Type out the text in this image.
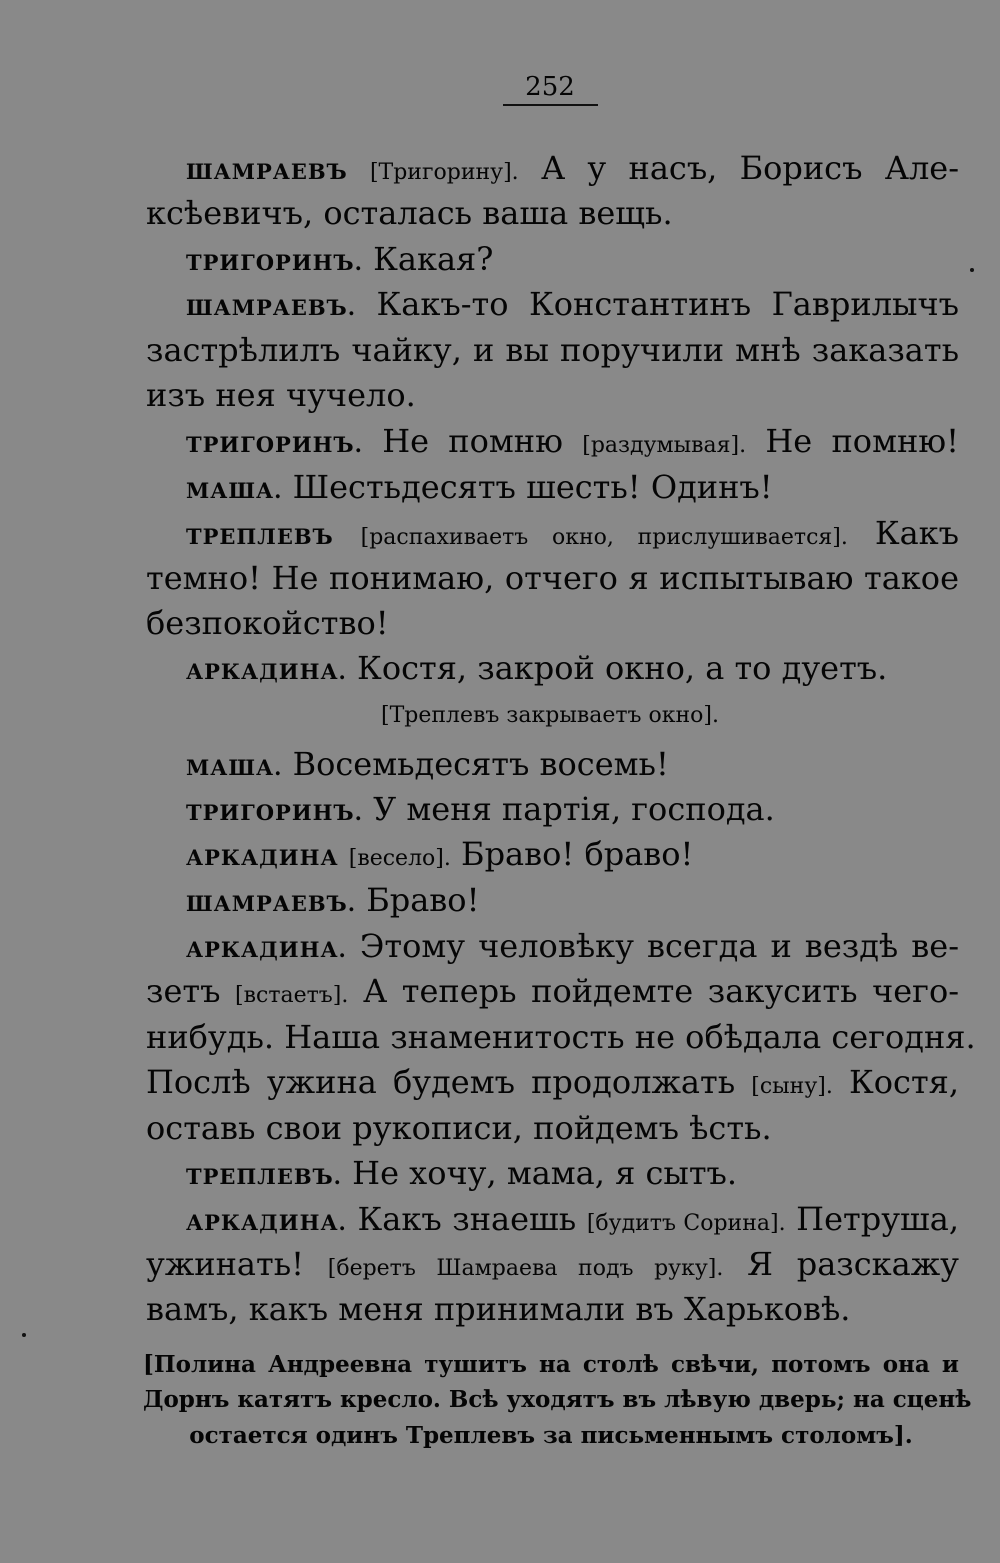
252
ШАМРАЕВЪ [Тригорину]. А у насъ, Борисъ Але-
ксѣевичъ, осталась ваша вещь.
ТРИГОРИНЪ. Какая?
ШАМРАЕВЪ. Какъ-то Константинъ Гаврилычъ
застрѣлилъ чайку, и вы поручили мнѣ заказать
изъ нея чучело.
ТРИГОРИНЪ. Не помню [раздумывая]. Не помню!
МАША. Шестьдесятъ шесть! Одинъ!
ТРЕПЛЕВЪ [распахиваетъ окно, прислушивается]. Какъ
темно! Не понимаю, отчего я испытываю такое
безпокойство!
АРКАДИНА. Костя, закрой окно, а то дуетъ.
[Треплевъ закрываетъ окно].
МАША. Восемьдесятъ восемь!
ТРИГОРИНЪ. У меня партія, господа.
АРКАДИНА [весело]. Браво! браво!
ШАМРАЕВЪ. Браво!
АРКАДИНА. Этому человѣку всегда и вездѣ ве-
зетъ [встаетъ]. А теперь пойдемте закусить чего-
нибудь. Наша знаменитость не обѣдала сегодня.
Послѣ ужина будемъ продолжать [сыну]. Костя,
оставь свои рукописи, пойдемъ ѣсть.
ТРЕПЛЕВЪ. Не хочу, мама, я сытъ.
АРКАДИНА. Какъ знаешь [будитъ Сорина]. Петруша,
ужинать! [беретъ Шамраева подъ руку]. Я разскажу
вамъ, какъ меня принимали въ Харьковѣ.
[Полина Андреевна тушитъ на столѣ свѣчи, потомъ она и
Дорнъ катятъ кресло. Всѣ уходятъ въ лѣвую дверь; на сценѣ
остается одинъ Треплевъ за письменнымъ столомъ].
